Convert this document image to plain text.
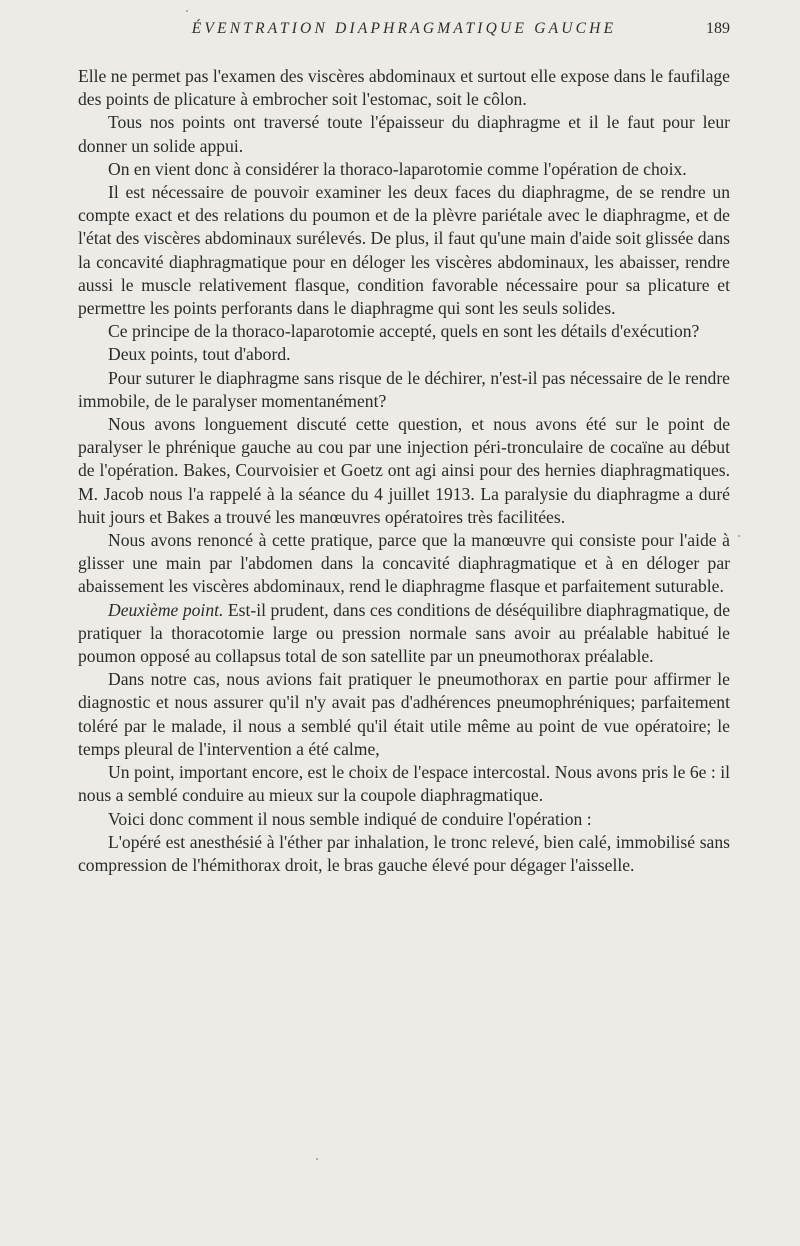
ÉVENTRATION DIAPHRAGMATIQUE GAUCHE	189

Elle ne permet pas l'examen des viscères abdominaux et surtout elle expose dans le faufilage des points de plicature à embrocher soit l'estomac, soit le côlon.

Tous nos points ont traversé toute l'épaisseur du diaphragme et il le faut pour leur donner un solide appui.

On en vient donc à considérer la thoraco-laparotomie comme l'opération de choix.

Il est nécessaire de pouvoir examiner les deux faces du diaphragme, de se rendre un compte exact et des relations du poumon et de la plèvre pariétale avec le diaphragme, et de l'état des viscères abdominaux surélevés. De plus, il faut qu'une main d'aide soit glissée dans la concavité diaphragmatique pour en déloger les viscères abdominaux, les abaisser, rendre aussi le muscle relativement flasque, condition favorable nécessaire pour sa plicature et permettre les points perforants dans le diaphragme qui sont les seuls solides.

Ce principe de la thoraco-laparotomie accepté, quels en sont les détails d'exécution?

Deux points, tout d'abord.

Pour suturer le diaphragme sans risque de le déchirer, n'est-il pas nécessaire de le rendre immobile, de le paralyser momentanément?

Nous avons longuement discuté cette question, et nous avons été sur le point de paralyser le phrénique gauche au cou par une injection péri-tronculaire de cocaïne au début de l'opération. Bakes, Courvoisier et Goetz ont agi ainsi pour des hernies diaphragmatiques. M. Jacob nous l'a rappelé à la séance du 4 juillet 1913. La paralysie du diaphragme a duré huit jours et Bakes a trouvé les manœuvres opératoires très facilitées.

Nous avons renoncé à cette pratique, parce que la manœuvre qui consiste pour l'aide à glisser une main par l'abdomen dans la concavité diaphragmatique et à en déloger par abaissement les viscères abdominaux, rend le diaphragme flasque et parfaitement suturable.

Deuxième point. Est-il prudent, dans ces conditions de déséquilibre diaphragmatique, de pratiquer la thoracotomie large ou pression normale sans avoir au préalable habitué le poumon opposé au collapsus total de son satellite par un pneumothorax préalable.

Dans notre cas, nous avions fait pratiquer le pneumothorax en partie pour affirmer le diagnostic et nous assurer qu'il n'y avait pas d'adhérences pneumophréniques; parfaitement toléré par le malade, il nous a semblé qu'il était utile même au point de vue opératoire; le temps pleural de l'intervention a été calme,

Un point, important encore, est le choix de l'espace intercostal. Nous avons pris le 6e : il nous a semblé conduire au mieux sur la coupole diaphragmatique.

Voici donc comment il nous semble indiqué de conduire l'opération :

L'opéré est anesthésié à l'éther par inhalation, le tronc relevé, bien calé, immobilisé sans compression de l'hémithorax droit, le bras gauche élevé pour dégager l'aisselle.
